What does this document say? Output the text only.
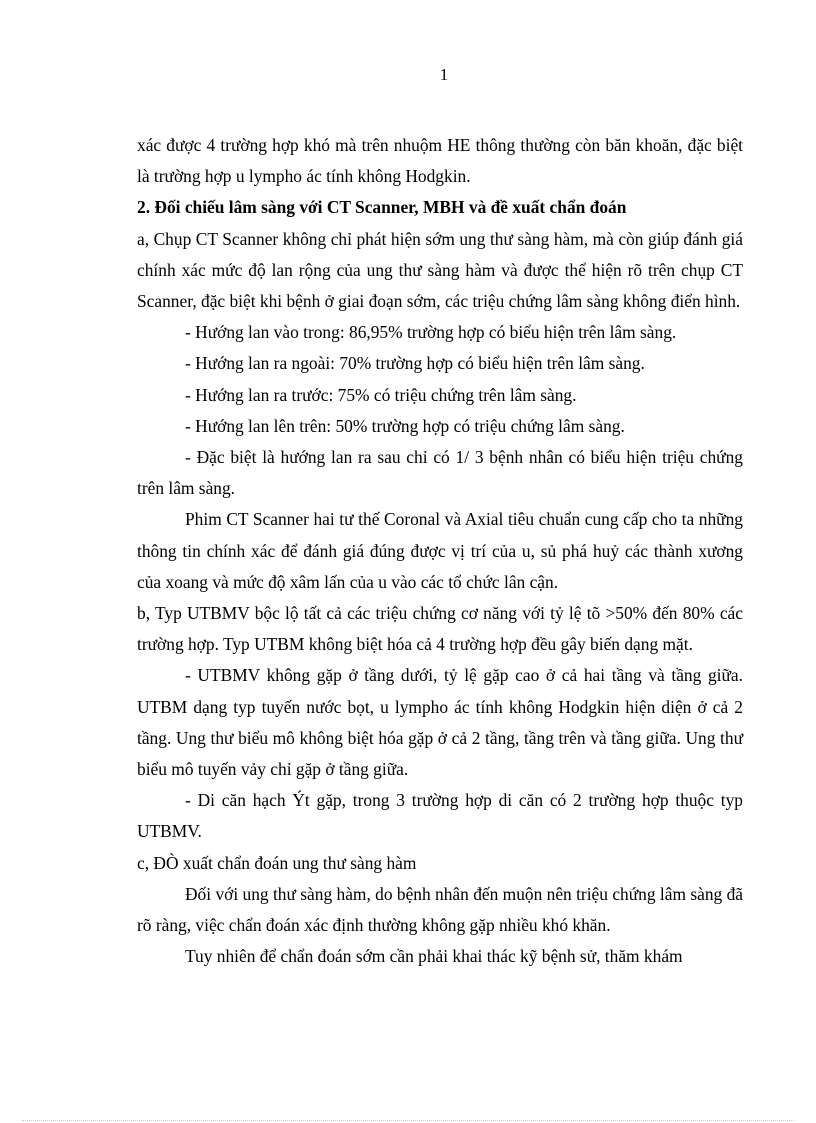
1

xác được 4 trường hợp khó mà trên nhuộm HE thông thường còn băn khoăn, đặc biệt là trường hợp u lympho ác tính không Hodgkin.

2. Đối chiếu lâm sàng với CT Scanner, MBH và đề xuất chẩn đoán

a, Chụp CT Scanner không chỉ phát hiện sớm ung thư sàng hàm, mà còn giúp đánh giá chính xác mức độ lan rộng của ung thư sàng hàm và được thể hiện rõ trên chụp CT Scanner, đặc biệt khi bệnh ở giai đoạn sớm, các triệu chứng lâm sàng không điển hình.

- Hướng lan vào trong: 86,95% trường hợp có biểu hiện trên lâm sàng.

- Hướng lan ra ngoài: 70% trường hợp có biểu hiện trên lâm sàng.

- Hướng lan ra trước: 75% có triệu chứng trên lâm sàng.

- Hướng lan lên trên: 50% trường hợp có triệu chứng lâm sàng.

- Đặc biệt là hướng lan ra sau chỉ có 1/ 3 bệnh nhân có biểu hiện triệu chứng trên lâm sàng.

Phim CT Scanner hai tư thế Coronal và Axial tiêu chuẩn cung cấp cho ta những thông tin chính xác để đánh giá đúng được vị trí của u, sủ phá huỷ các thành xương của xoang và mức độ xâm lấn của u vào các tổ chức lân cận.

b, Typ UTBMV bộc lộ tất cả các triệu chứng cơ năng với tỷ lệ tõ >50% đến 80% các trường hợp. Typ UTBM không biệt hóa cả 4 trường hợp đều gây biến dạng mặt.

- UTBMV không gặp ở tầng dưới, tỷ lệ gặp cao ở cả hai tầng và tầng giữa. UTBM dạng typ tuyến nước bọt, u lympho ác tính không Hodgkin hiện diện ở cả 2 tầng. Ung thư biểu mô không biệt hóa gặp ở cả 2 tầng, tầng trên và tầng giữa. Ung thư biểu mô tuyến vảy chỉ gặp ở tầng giữa.

- Di căn hạch Ýt gặp, trong 3 trường hợp di căn có 2 trường hợp thuộc typ UTBMV.

c, ĐÒ xuất chẩn đoán ung thư sàng hàm

Đối với ung thư sàng hàm, do bệnh nhân đến muộn nên triệu chứng lâm sàng đã rõ ràng, việc chẩn đoán xác định thường không gặp nhiều khó khăn.

Tuy nhiên để chẩn đoán sớm cần phải khai thác kỹ bệnh sử, thăm khám
